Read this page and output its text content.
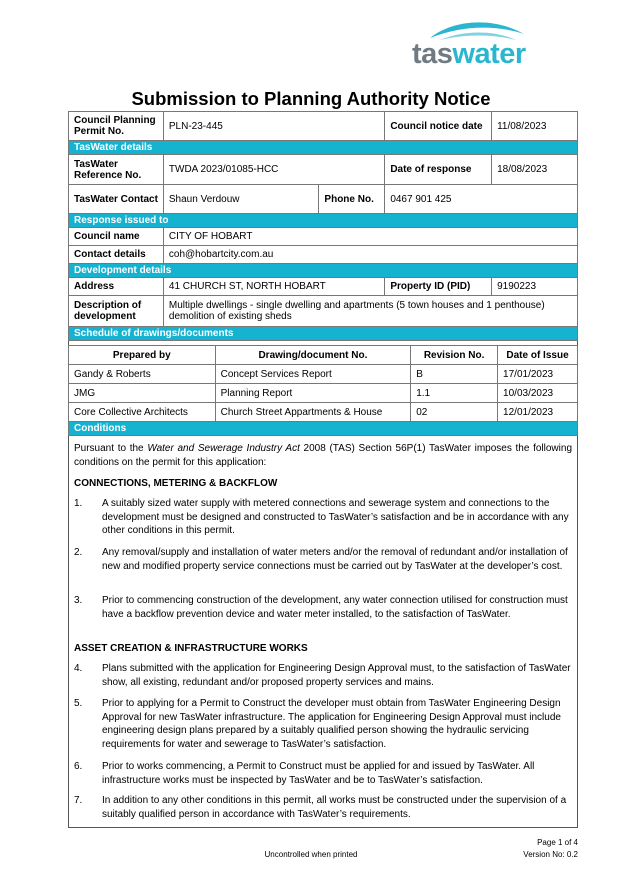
taswater
Submission to Planning Authority Notice
Council Planning Permit No.	PLN-23-445		Council notice date	11/08/2023
TasWater details				
TasWater Reference No.	TWDA 2023/01085-HCC		Date of response	18/08/2023
TasWater Contact	Shaun Verdouw	Phone No.	0467 901 425	
Response issued to				
Council name	CITY OF HOBART			
Contact details	coh@hobartcity.com.au			
Development details				
Address	41 CHURCH ST, NORTH HOBART		Property ID (PID)	9190223
Description of development	Multiple dwellings - single dwelling and apartments (5 town houses and 1 penthouse) demolition of existing sheds			
Schedule of drawings/documents				
Prepared by	Drawing/document No.	Revision No.	Date of Issue
Gandy & Roberts	Concept Services Report	B	17/01/2023
JMG	Planning Report	1.1	10/03/2023
Core Collective Architects	Church Street Appartments & House	02	12/01/2023
Conditions			

Pursuant to the Water and Sewerage Industry Act 2008 (TAS) Section 56P(1) TasWater imposes the following conditions on the permit for this application:

CONNECTIONS, METERING & BACKFLOW
1. A suitably sized water supply with metered connections and sewerage system and connections to the development must be designed and constructed to TasWater’s satisfaction and be in accordance with any other conditions in this permit.
2. Any removal/supply and installation of water meters and/or the removal of redundant and/or installation of new and modified property service connections must be carried out by TasWater at the developer’s cost.
3. Prior to commencing construction of the development, any water connection utilised for construction must have a backflow prevention device and water meter installed, to the satisfaction of TasWater.
ASSET CREATION & INFRASTRUCTURE WORKS
4. Plans submitted with the application for Engineering Design Approval must, to the satisfaction of TasWater show, all existing, redundant and/or proposed property services and mains.
5. Prior to applying for a Permit to Construct the developer must obtain from TasWater Engineering Design Approval for new TasWater infrastructure. The application for Engineering Design Approval must include engineering design plans prepared by a suitably qualified person showing the hydraulic servicing requirements for water and sewerage to TasWater’s satisfaction.
6. Prior to works commencing, a Permit to Construct must be applied for and issued by TasWater. All infrastructure works must be inspected by TasWater and be to TasWater’s satisfaction.
7. In addition to any other conditions in this permit, all works must be constructed under the supervision of a suitably qualified person in accordance with TasWater’s requirements.
Uncontrolled when printed
Page 1 of 4
Version No: 0.2
